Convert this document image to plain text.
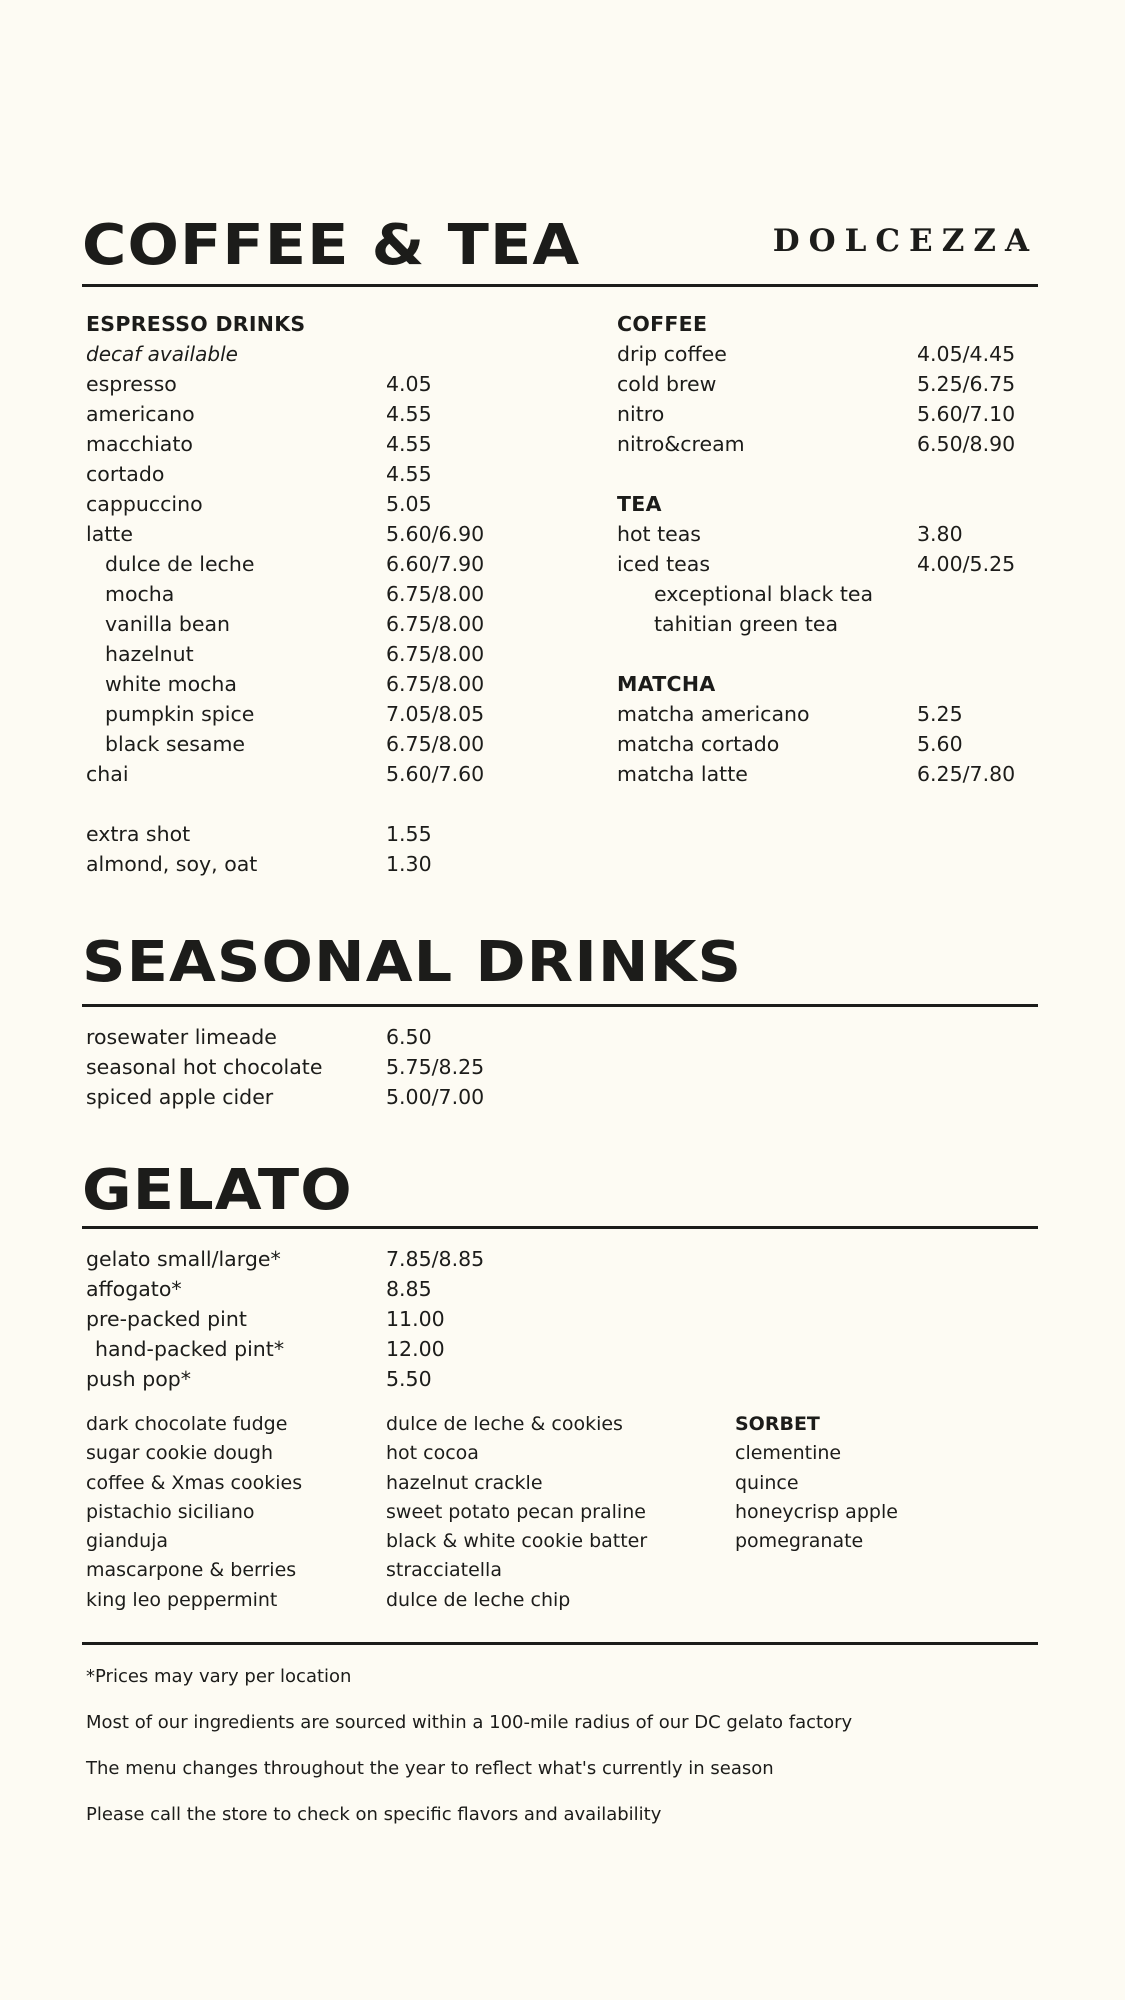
COFFEE & TEA	DOLCEZZA
ESPRESSO DRINKS
decaf available
espresso	4.05
americano	4.55
macchiato	4.55
cortado	4.55
cappuccino	5.05
latte	5.60/6.90
dulce de leche	6.60/7.90
mocha	6.75/8.00
vanilla bean	6.75/8.00
hazelnut	6.75/8.00
white mocha	6.75/8.00
pumpkin spice	7.05/8.05
black sesame	6.75/8.00
chai	5.60/7.60
extra shot	1.55
almond, soy, oat	1.30
COFFEE
drip coffee	4.05/4.45
cold brew	5.25/6.75
nitro	5.60/7.10
nitro&cream	6.50/8.90
TEA
hot teas	3.80
iced teas	4.00/5.25
exceptional black tea
tahitian green tea
MATCHA
matcha americano	5.25
matcha cortado	5.60
matcha latte	6.25/7.80
SEASONAL DRINKS
rosewater limeade	6.50
seasonal hot chocolate	5.75/8.25
spiced apple cider	5.00/7.00
GELATO
gelato small/large*	7.85/8.85
affogato*	8.85
pre-packed pint	11.00
hand-packed pint*	12.00
push pop*	5.50
dark chocolate fudge
sugar cookie dough
coffee & Xmas cookies
pistachio siciliano
gianduja
mascarpone & berries
king leo peppermint
dulce de leche & cookies
hot cocoa
hazelnut crackle
sweet potato pecan praline
black & white cookie batter
stracciatella
dulce de leche chip
SORBET
clementine
quince
honeycrisp apple
pomegranate
*Prices may vary per location
Most of our ingredients are sourced within a 100-mile radius of our DC gelato factory
The menu changes throughout the year to reflect what's currently in season
Please call the store to check on specific flavors and availability
